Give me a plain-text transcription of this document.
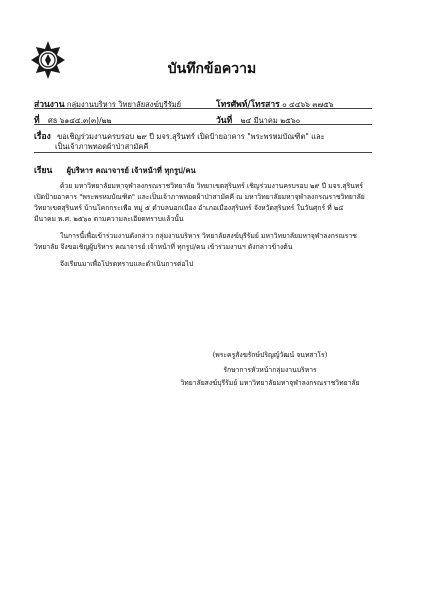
บันทึกข้อความ
ส่วนงาน กลุ่มงานบริหาร วิทยาลัยสงฆ์บุรีรัมย์	โทรศัพท์/โทรสาร ๐ ๔๔๖๖ ๓๗๕๖
ที่ ศธ ๖๑๔๔.๓(๓)/๒๒	วันที่ ๒๔ มีนาคม ๒๕๖๐
เรื่อง ขอเชิญร่วมงานครบรอบ ๒๙ ปี มจร.สุรินทร์ เปิดป้ายอาคาร "พระพรหมบัณฑิต" และ
เป็นเจ้าภาพทอดผ้าป่าสามัคคี
เรียน ผู้บริหาร คณาจารย์ เจ้าหน้าที่ ทุกรูป/คน
ด้วย มหาวิทยาลัยมหาจุฬาลงกรณราชวิทยาลัย วิทยาเขตสุรินทร์ เชิญร่วมงานครบรอบ ๒๙ ปี มจร.สุรินทร์
เปิดป้ายอาคาร "พระพรหมบัณฑิต" และเป็นเจ้าภาพทอดผ้าป่าสามัคคี ณ มหาวิทยาลัยมหาจุฬาลงกรณราชวิทยาลัย
วิทยาเขตสุรินทร์ บ้านโคกกระเพือ หมู่ ๕ ตำบลนอกเมือง อำเภอเมืองสุรินทร์ จังหวัดสุรินทร์ ในวันศุกร์ ที่ ๒๔
มีนาคม พ.ศ. ๒๕๖๐ ตามความละเอียดทราบแล้วนั้น
ในการนี้เพื่อเข้าร่วมงานดังกล่าว กลุ่มงานบริหาร วิทยาลัยสงฆ์บุรีรัมย์ มหาวิทยาลัยมหาจุฬาลงกรณราช
วิทยาลัย จึงขอเชิญผู้บริหาร คณาจารย์ เจ้าหน้าที่ ทุกรูป/คน เข้าร่วมงานฯ ดังกล่าวข้างต้น
จึงเรียนมาเพื่อโปรดทราบและดำเนินการต่อไป
(พระครูสังฆรักษ์ปริญญ์วัฒน์ จนทสาโร)
รักษาการหัวหน้ากลุ่มงานบริหาร
วิทยาลัยสงฆ์บุรีรัมย์ มหาวิทยาลัยมหาจุฬาลงกรณราชวิทยาลัย
